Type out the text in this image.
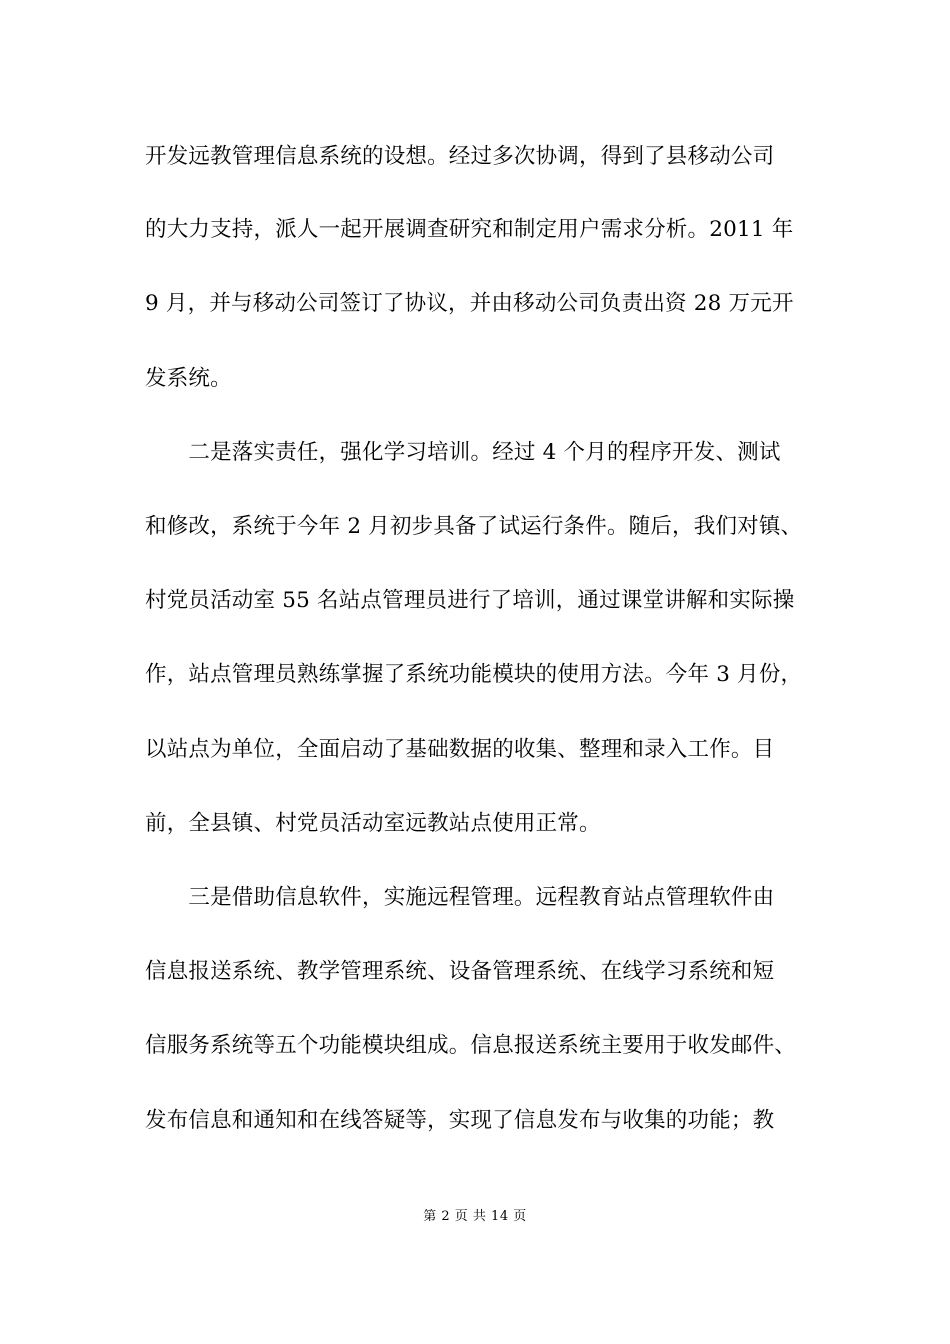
开发远教管理信息系统的设想。经过多次协调，得到了县移动公司
的大力支持，派人一起开展调查研究和制定用户需求分析。2011 年
9 月，并与移动公司签订了协议，并由移动公司负责出资 28 万元开
发系统。
　　二是落实责任，强化学习培训。经过 4 个月的程序开发、测试
和修改，系统于今年 2 月初步具备了试运行条件。随后，我们对镇、
村党员活动室 55 名站点管理员进行了培训，通过课堂讲解和实际操
作，站点管理员熟练掌握了系统功能模块的使用方法。今年 3 月份，
以站点为单位，全面启动了基础数据的收集、整理和录入工作。目
前，全县镇、村党员活动室远教站点使用正常。
　　三是借助信息软件，实施远程管理。远程教育站点管理软件由
信息报送系统、教学管理系统、设备管理系统、在线学习系统和短
信服务系统等五个功能模块组成。信息报送系统主要用于收发邮件、
发布信息和通知和在线答疑等，实现了信息发布与收集的功能；教
第 2 页 共 14 页
